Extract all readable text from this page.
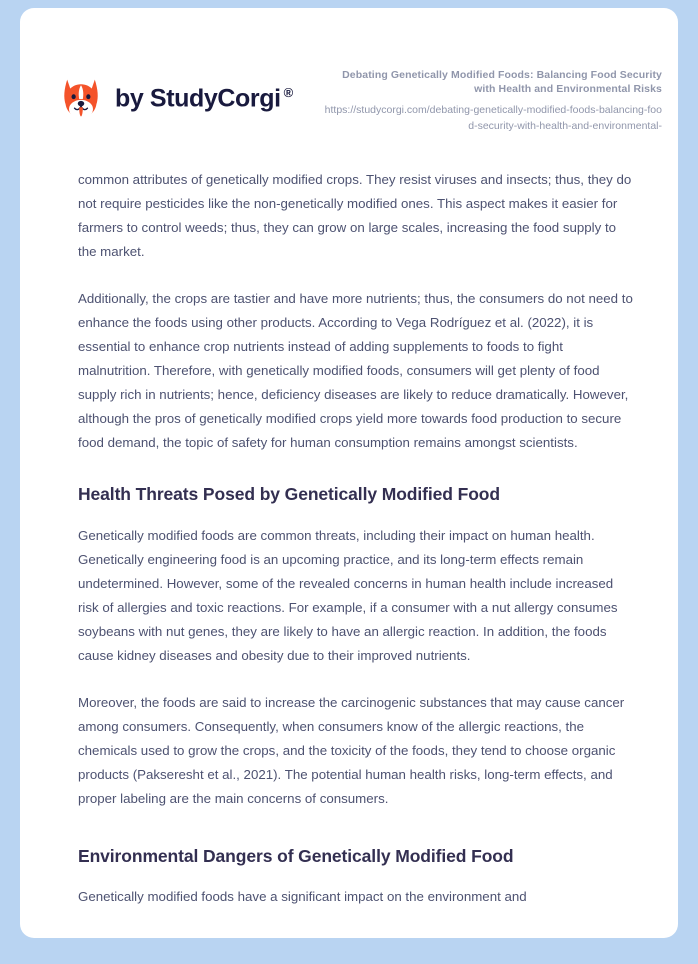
by StudyCorgi ®
Debating Genetically Modified Foods: Balancing Food Security with Health and Environmental Risks
https://studycorgi.com/debating-genetically-modified-foods-balancing-food-security-with-health-and-environmental-

common attributes of genetically modified crops. They resist viruses and insects; thus, they do not require pesticides like the non-genetically modified ones. This aspect makes it easier for farmers to control weeds; thus, they can grow on large scales, increasing the food supply to the market.

Additionally, the crops are tastier and have more nutrients; thus, the consumers do not need to enhance the foods using other products. According to Vega Rodríguez et al. (2022), it is essential to enhance crop nutrients instead of adding supplements to foods to fight malnutrition. Therefore, with genetically modified foods, consumers will get plenty of food supply rich in nutrients; hence, deficiency diseases are likely to reduce dramatically. However, although the pros of genetically modified crops yield more towards food production to secure food demand, the topic of safety for human consumption remains amongst scientists.

Health Threats Posed by Genetically Modified Food

Genetically modified foods are common threats, including their impact on human health. Genetically engineering food is an upcoming practice, and its long-term effects remain undetermined. However, some of the revealed concerns in human health include increased risk of allergies and toxic reactions. For example, if a consumer with a nut allergy consumes soybeans with nut genes, they are likely to have an allergic reaction. In addition, the foods cause kidney diseases and obesity due to their improved nutrients.

Moreover, the foods are said to increase the carcinogenic substances that may cause cancer among consumers. Consequently, when consumers know of the allergic reactions, the chemicals used to grow the crops, and the toxicity of the foods, they tend to choose organic products (Pakseresht et al., 2021). The potential human health risks, long-term effects, and proper labeling are the main concerns of consumers.

Environmental Dangers of Genetically Modified Food

Genetically modified foods have a significant impact on the environment and
